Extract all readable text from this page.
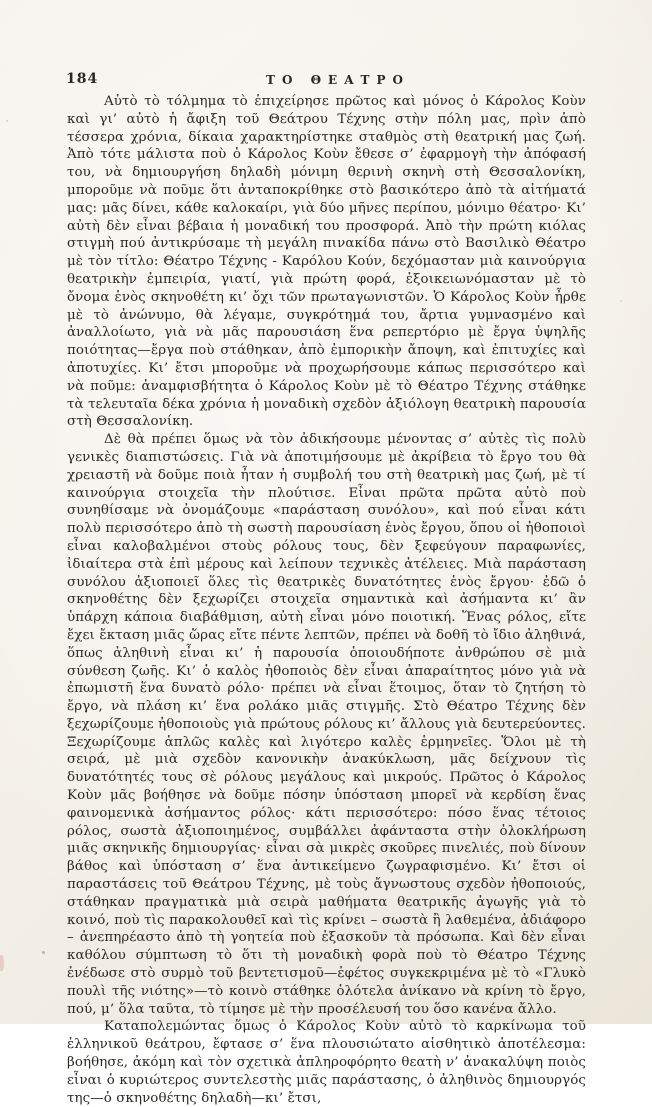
184	ΤΟ ΘΕΑΤΡΟ

Αὐτὸ τὸ τόλμημα τὸ ἐπιχείρησε πρῶτος καὶ μόνος ὁ Κάρολος Κοὺν καὶ γι’ αὐτὸ ἡ ἄφιξη τοῦ Θεάτρου Τέχνης στὴν πόλη μας, πρὶν ἀπὸ τέσσερα χρόνια, δίκαια χαρακτηρίστηκε σταθμὸς στὴ θεατρική μας ζωή. Ἀπὸ τότε μάλιστα ποὺ ὁ Κάρολος Κοὺν ἔθεσε σ’ ἐφαρμογὴ τὴν ἀπόφασή του, νὰ δημιουργήση δηλαδὴ μόνιμη θερινὴ σκηνὴ στὴ Θεσσαλονίκη, μποροῦμε νὰ ποῦμε ὅτι ἀνταποκρίθηκε στὸ βασικότερο ἀπὸ τὰ αἰτήματά μας: μᾶς δίνει, κάθε καλοκαίρι, γιὰ δύο μῆνες περίπου, μόνιμο θέατρο· Κι’ αὐτὴ δὲν εἶναι βέβαια ἡ μοναδική του προσφορά. Ἀπὸ τὴν πρώτη κιόλας στιγμὴ πού ἀντικρύσαμε τὴ μεγάλη πινακίδα πάνω στὸ Βασιλικὸ Θέατρο μὲ τὸν τίτλο: Θέατρο Τέχνης - Καρόλου Κούν, δεχόμασταν μιὰ καινούργια θεατρικὴν ἐμπειρία, γιατί, γιὰ πρώτη φορά, ἐξοικειωνόμασταν μὲ τὸ ὄνομα ἑνὸς σκηνοθέτη κι’ ὄχι τῶν πρωταγωνιστῶν. Ὁ Κάρολος Κοὺν ἦρθε μὲ τὸ ἀνώνυμο, θὰ λέγαμε, συγκρότημά του, ἄρτια γυμνασμένο καὶ ἀναλλοίωτο, γιὰ νὰ μᾶς παρουσιάση ἕνα ρεπερτόριο μὲ ἔργα ὑψηλῆς ποιότητας—ἔργα ποὺ στάθηκαν, ἀπὸ ἐμπορικὴν ἄποψη, καὶ ἐπιτυχίες καὶ ἀποτυχίες. Κι’ ἔτσι μποροῦμε νὰ προχωρήσουμε κάπως περισσότερο καὶ νὰ ποῦμε: ἀναμφισβήτητα ὁ Κάρολος Κοὺν μὲ τὸ Θέατρο Τέχνης στάθηκε τὰ τελευταῖα δέκα χρόνια ἡ μοναδικὴ σχεδὸν ἀξιόλογη θεατρικὴ παρουσία στὴ Θεσσαλονίκη.

Δὲ θὰ πρέπει ὅμως νὰ τὸν ἀδικήσουμε μένοντας σ’ αὐτὲς τὶς πολὺ γενικὲς διαπιστώσεις. Γιὰ νὰ ἀποτιμήσουμε μὲ ἀκρίβεια τὸ ἔργο του θὰ χρειαστῆ νὰ δοῦμε ποιὰ ἦταν ἡ συμβολή του στὴ θεατρικὴ μας ζωή, μὲ τί καινούργια στοιχεῖα τὴν πλούτισε. Εἶναι πρῶτα πρῶτα αὐτὸ ποὺ συνηθίσαμε νὰ ὀνομάζουμε «παράσταση συνόλου», καὶ πού εἶναι κάτι πολὺ περισσότερο ἀπὸ τὴ σωστὴ παρουσίαση ἑνὸς ἔργου, ὅπου οἱ ἠθοποιοὶ εἶναι καλοβαλμένοι στοὺς ρόλους τους, δὲν ξεφεύγουν παραφωνίες, ἰδιαίτερα στὰ ἐπὶ μέρους καὶ λείπουν τεχνικὲς ἀτέλειες. Μιὰ παράσταση συνόλου ἀξιοποιεῖ ὅλες τὶς θεατρικὲς δυνατότητες ἑνὸς ἔργου· ἐδῶ ὁ σκηνοθέτης δὲν ξεχωρίζει στοιχεῖα σημαντικὰ καὶ ἀσήμαντα κι’ ἂν ὑπάρχη κάποια διαβάθμιση, αὐτὴ εἶναι μόνο ποιοτική. Ἕνας ρόλος, εἴτε ἔχει ἔκταση μιᾶς ὥρας εἴτε πέντε λεπτῶν, πρέπει νὰ δοθῆ τὸ ἴδιο ἀληθινά, ὅπως ἀληθινὴ εἶναι κι’ ἡ παρουσία ὁποιουδήποτε ἀνθρώπου σὲ μιὰ σύνθεση ζωῆς. Κι’ ὁ καλὸς ἠθοποιὸς δὲν εἶναι ἀπαραίτητος μόνο γιὰ νὰ ἐπωμιστῆ ἕνα δυνατὸ ρόλο· πρέπει νὰ εἶναι ἕτοιμος, ὅταν τὸ ζητήση τὸ ἔργο, νὰ πλάση κι’ ἕνα ρολάκο μιᾶς στιγμῆς. Στὸ Θέατρο Τέχνης δὲν ξεχωρίζουμε ἠθοποιοὺς γιὰ πρώτους ρόλους κι’ ἄλλους γιὰ δευτερεύοντες. Ξεχωρίζουμε ἁπλῶς καλὲς καὶ λιγότερο καλὲς ἑρμηνεῖες. Ὅλοι μὲ τὴ σειρά, μὲ μιὰ σχεδὸν κανονικὴν ἀνακύκλωση, μᾶς δείχνουν τὶς δυνατότητές τους σὲ ρόλους μεγάλους καὶ μικρούς. Πρῶτος ὁ Κάρολος Κοὺν μᾶς βοήθησε νὰ δοῦμε πόσην ὑπόσταση μπορεῖ νὰ κερδίση ἕνας φαινομενικὰ ἀσήμαντος ρόλος· κάτι περισσότερο: πόσο ἕνας τέτοιος ρόλος, σωστὰ ἀξιοποιημένος, συμβάλλει ἀφάνταστα στὴν ὁλοκλήρωση μιᾶς σκηνικῆς δημιουργίας· εἶναι σὰ μικρὲς σκοῦρες πινελιές, ποὺ δίνουν βάθος καὶ ὑπόσταση σ’ ἕνα ἀντικείμενο ζωγραφισμένο. Κι’ ἔτσι οἱ παραστάσεις τοῦ Θεάτρου Τέχνης, μὲ τοὺς ἄγνωστους σχεδὸν ἠθοποιούς, στάθηκαν πραγματικὰ μιὰ σειρὰ μαθήματα θεατρικῆς ἀγωγῆς γιὰ τὸ κοινό, ποὺ τὶς παρακολουθεῖ καὶ τὶς κρίνει – σωστὰ ἢ λαθεμένα, ἀδιάφορο – ἀνεπηρέαστο ἀπὸ τὴ γοητεία ποὺ ἐξασκοῦν τὰ πρόσωπα. Καὶ δὲν εἶναι καθόλου σύμπτωση τὸ ὅτι τὴ μοναδικὴ φορὰ ποὺ τὸ Θέατρο Τέχνης ἐνέδωσε στὸ συρμὸ τοῦ βεντετισμοῦ—ἐφέτος συγκεκριμένα μὲ τὸ «Γλυκὸ πουλὶ τῆς νιότης»—τὸ κοινὸ στάθηκε ὁλότελα ἀνίκανο νὰ κρίνη τὸ ἔργο, πού, μ’ ὅλα ταῦτα, τὸ τίμησε μὲ τὴν προσέλευσή του ὅσο κανένα ἄλλο.

Καταπολεμώντας ὅμως ὁ Κάρολος Κοὺν αὐτὸ τὸ καρκίνωμα τοῦ ἑλληνικοῦ θεάτρου, ἔφτασε σ’ ἕνα πλουσιώτατο αἰσθητικὸ ἀποτέλεσμα: βοήθησε, ἀκόμη καὶ τὸν σχετικὰ ἀπληροφόρητο θεατὴ ν’ ἀνακαλύψη ποιὸς εἶναι ὁ κυριώτερος συντελεστὴς μιᾶς παράστασης, ὁ ἀληθινὸς δημιουργός της—ὁ σκηνοθέτης δηλαδὴ—κι’ ἔτσι,
